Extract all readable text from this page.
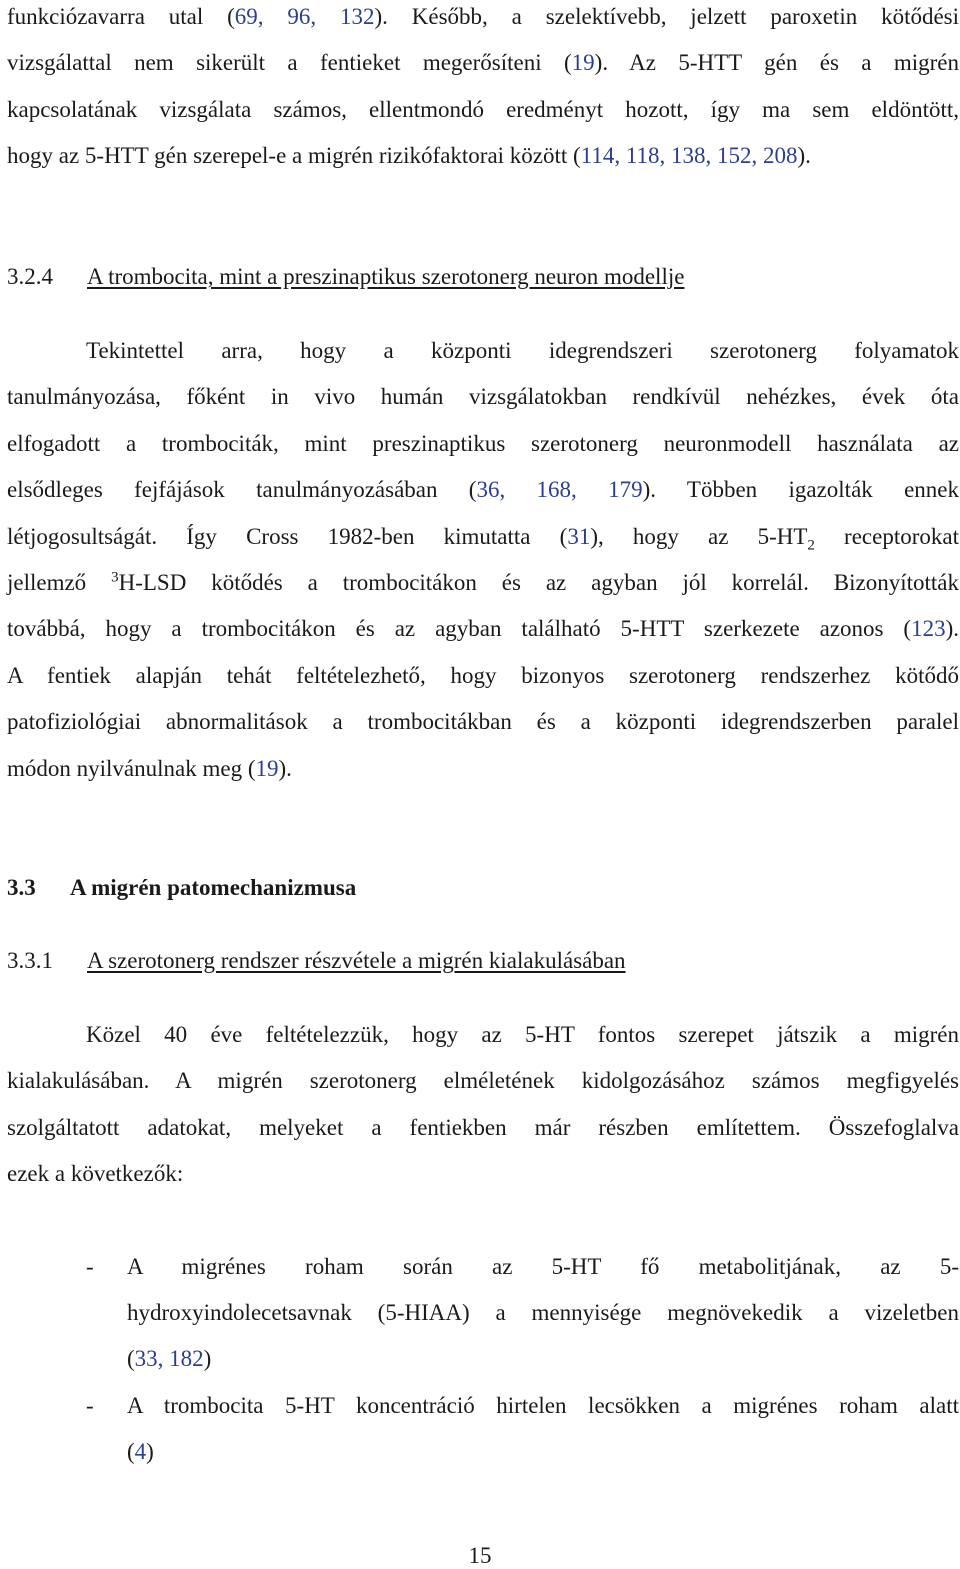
funkciózavarra utal (69, 96, 132). Később, a szelektívebb, jelzett paroxetin kötődési
vizsgálattal nem sikerült a fentieket megerősíteni (19). Az 5-HTT gén és a migrén
kapcsolatának vizsgálata számos, ellentmondó eredményt hozott, így ma sem eldöntött,
hogy az 5-HTT gén szerepel-e a migrén rizikófaktorai között (114, 118, 138, 152, 208).
3.2.4 A trombocita, mint a preszinaptikus szerotonerg neuron modellje
Tekintettel arra, hogy a központi idegrendszeri szerotonerg folyamatok
tanulmányozása, főként in vivo humán vizsgálatokban rendkívül nehézkes, évek óta
elfogadott a trombociták, mint preszinaptikus szerotonerg neuronmodell használata az
elsődleges fejfájások tanulmányozásában (36, 168, 179). Többen igazolták ennek
létjogosultságát. Így Cross 1982-ben kimutatta (31), hogy az $5-HT_2$ receptorokat
jellemző $^3$H-LSD kötődés a trombocitákon és az agyban jól korrelál. Bizonyították
továbbá, hogy a trombocitákon és az agyban található 5-HTT szerkezete azonos (123).
A fentiek alapján tehát feltételezhető, hogy bizonyos szerotonerg rendszerhez kötődő
patofiziológiai abnormalitások a trombocitákban és a központi idegrendszerben paralel
módon nyilvánulnak meg (19).
3.3 A migrén patomechanizmusa
3.3.1 A szerotonerg rendszer részvétele a migrén kialakulásában
Közel 40 éve feltételezzük, hogy az 5-HT fontos szerepet játszik a migrén
kialakulásában. A migrén szerotonerg elméletének kidolgozásához számos megfigyelés
szolgáltatott adatokat, melyeket a fentiekben már részben említettem. Összefoglalva
ezek a következők:
- A migrénes roham során az 5-HT fő metabolitjának, az 5-
hydroxyindolecetsavnak (5-HIAA) a mennyisége megnövekedik a vizeletben
(33, 182)
- A trombocita 5-HT koncentráció hirtelen lecsökken a migrénes roham alatt
(4)
15
